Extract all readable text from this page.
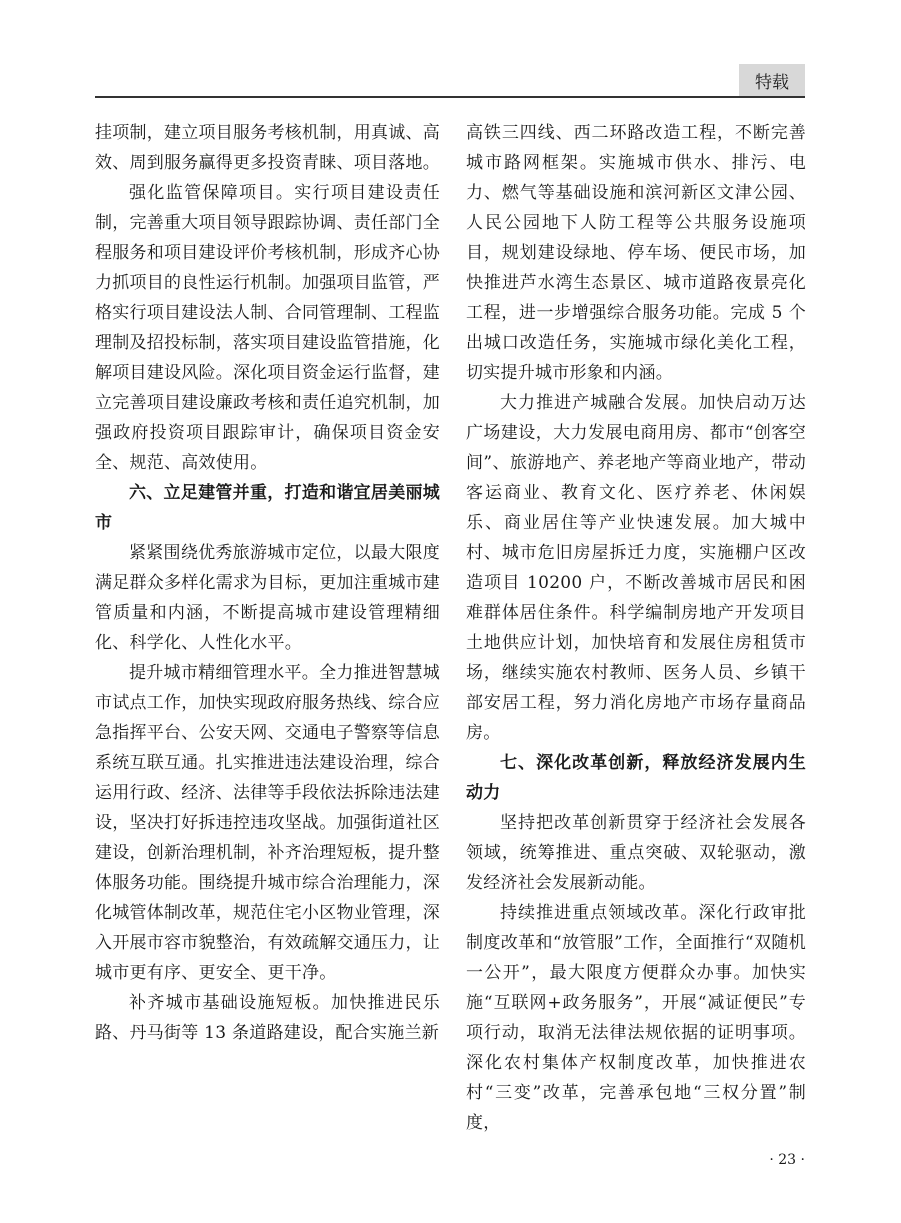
特载

挂项制，建立项目服务考核机制，用真诚、高效、周到服务赢得更多投资青睐、项目落地。

强化监管保障项目。实行项目建设责任制，完善重大项目领导跟踪协调、责任部门全程服务和项目建设评价考核机制，形成齐心协力抓项目的良性运行机制。加强项目监管，严格实行项目建设法人制、合同管理制、工程监理制及招投标制，落实项目建设监管措施，化解项目建设风险。深化项目资金运行监督，建立完善项目建设廉政考核和责任追究机制，加强政府投资项目跟踪审计，确保项目资金安全、规范、高效使用。

六、立足建管并重，打造和谐宜居美丽城市

紧紧围绕优秀旅游城市定位，以最大限度满足群众多样化需求为目标，更加注重城市建管质量和内涵，不断提高城市建设管理精细化、科学化、人性化水平。

提升城市精细管理水平。全力推进智慧城市试点工作，加快实现政府服务热线、综合应急指挥平台、公安天网、交通电子警察等信息系统互联互通。扎实推进违法建设治理，综合运用行政、经济、法律等手段依法拆除违法建设，坚决打好拆违控违攻坚战。加强街道社区建设，创新治理机制，补齐治理短板，提升整体服务功能。围绕提升城市综合治理能力，深化城管体制改革，规范住宅小区物业管理，深入开展市容市貌整治，有效疏解交通压力，让城市更有序、更安全、更干净。

补齐城市基础设施短板。加快推进民乐路、丹马街等 13 条道路建设，配合实施兰新

高铁三四线、西二环路改造工程，不断完善城市路网框架。实施城市供水、排污、电力、燃气等基础设施和滨河新区文津公园、人民公园地下人防工程等公共服务设施项目，规划建设绿地、停车场、便民市场，加快推进芦水湾生态景区、城市道路夜景亮化工程，进一步增强综合服务功能。完成 5 个出城口改造任务，实施城市绿化美化工程，切实提升城市形象和内涵。

大力推进产城融合发展。加快启动万达广场建设，大力发展电商用房、都市“创客空间”、旅游地产、养老地产等商业地产，带动客运商业、教育文化、医疗养老、休闲娱乐、商业居住等产业快速发展。加大城中村、城市危旧房屋拆迁力度，实施棚户区改造项目 10200 户，不断改善城市居民和困难群体居住条件。科学编制房地产开发项目土地供应计划，加快培育和发展住房租赁市场，继续实施农村教师、医务人员、乡镇干部安居工程，努力消化房地产市场存量商品房。

七、深化改革创新，释放经济发展内生动力

坚持把改革创新贯穿于经济社会发展各领域，统筹推进、重点突破、双轮驱动，激发经济社会发展新动能。

持续推进重点领域改革。深化行政审批制度改革和“放管服”工作，全面推行“双随机一公开”，最大限度方便群众办事。加快实施“互联网+政务服务”，开展“减证便民”专项行动，取消无法律法规依据的证明事项。深化农村集体产权制度改革，加快推进农村“三变”改革，完善承包地“三权分置”制度，

· 23 ·
